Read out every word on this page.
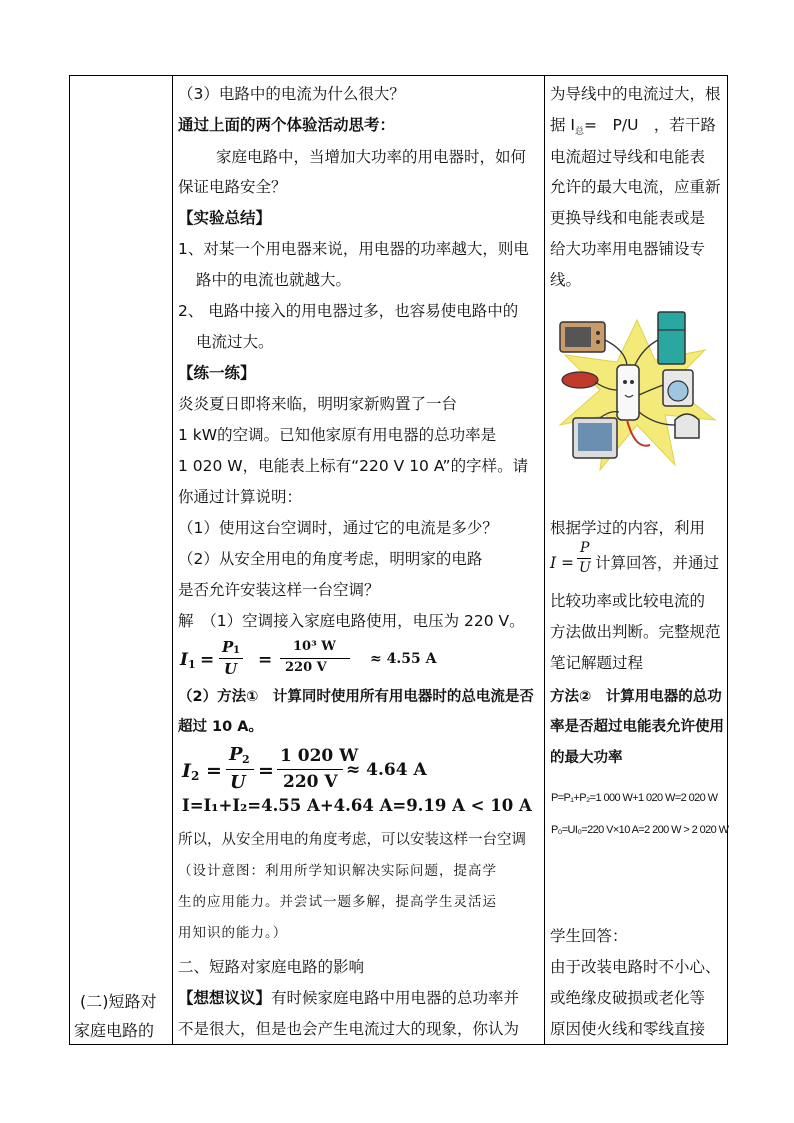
(二)短路对
家庭电路的
（3）电路中的电流为什么很大？
通过上面的两个体验活动思考：
家庭电路中，当增加大功率的用电器时，如何
保证电路安全？
【实验总结】
1、对某一个用电器来说，用电器的功率越大，则电
路中的电流也就越大。
2、 电路中接入的用电器过多，也容易使电路中的
电流过大。
【练一练】
炎炎夏日即将来临，明明家新购置了一台
1 kW的空调。已知他家原有用电器的总功率是
1 020 W，电能表上标有“220 V 10 A”的字样。请
你通过计算说明：
（1）使用这台空调时，通过它的电流是多少？
（2）从安全用电的角度考虑，明明家的电路
是否允许安装这样一台空调？
解　（1）空调接入家庭电路使用，电压为 220 V。
I 1 =
P 1
U =
10³ W
220 V
≈ 4.55 A
（2）方法①　计算同时使用所有用电器时的总电流是否
超过 10 A。
I 2 =
P 2
U
=
1 020 W
220 V
≈ 4.64 A
I=I₁+I₂=4.55 A+4.64 A=9.19 A < 10 A
所以，从安全用电的角度考虑，可以安装这样一台空调
（设计意图：利用所学知识解决实际问题，提高学
生的应用能力。并尝试一题多解，提高学生灵活运
用知识的能力。）
二、短路对家庭电路的影响
【想想议议】有时候家庭电路中用电器的总功率并
不是很大，但是也会产生电流过大的现象，你认为
为导线中的电流过大，根
据 $I_总=$　P/U　，若干路
电流超过导线和电能表
允许的最大电流，应重新
更换导线和电能表或是
给大功率用电器铺设专
线。
根据学过的内容，利用
I =
P
U 计算回答，并通过
比较功率或比较电流的
方法做出判断。完整规范
笔记解题过程
方法②　计算用电器的总功
率是否超过电能表允许使用
的最大功率
P=P₁+P₂=1 000 W+1 020 W=2 020 W
P₀=UI₀=220 V×10 A=2 200 W > 2 020 W
学生回答：
由于改装电路时不小心、
或绝缘皮破损或老化等
原因使火线和零线直接
